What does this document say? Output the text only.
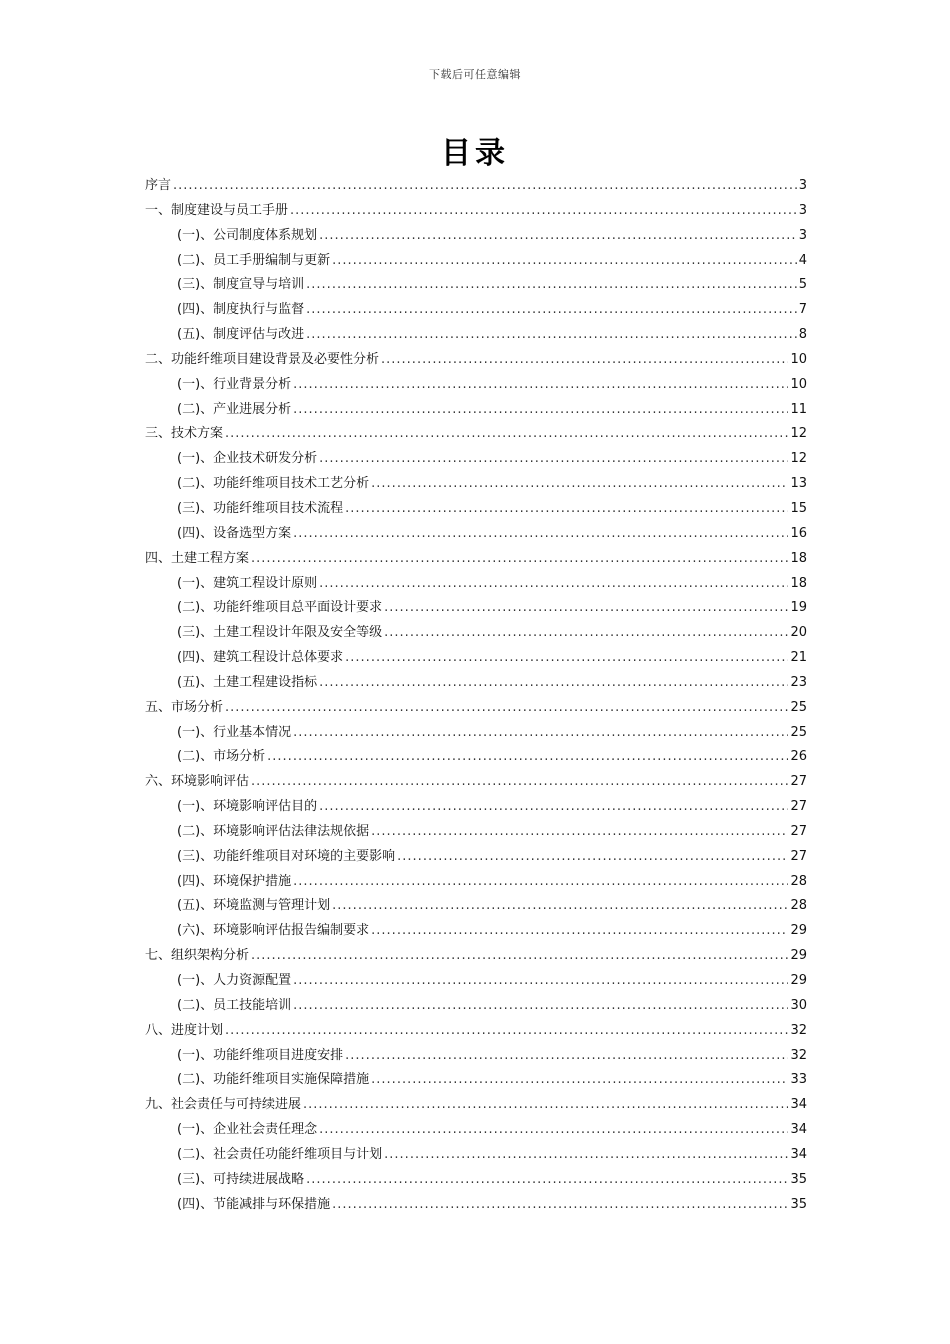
下载后可任意编辑
目录
序言 .....	3
一、制度建设与员工手册 .....	3
(一)、公司制度体系规划 .....	3
(二)、员工手册编制与更新 .....	4
(三)、制度宣导与培训 .....	5
(四)、制度执行与监督 .....	7
(五)、制度评估与改进 .....	8
二、功能纤维项目建设背景及必要性分析 .....	10
(一)、行业背景分析 .....	10
(二)、产业进展分析 .....	11
三、技术方案 .....	12
(一)、企业技术研发分析 .....	12
(二)、功能纤维项目技术工艺分析 .....	13
(三)、功能纤维项目技术流程 .....	15
(四)、设备选型方案 .....	16
四、土建工程方案 .....	18
(一)、建筑工程设计原则 .....	18
(二)、功能纤维项目总平面设计要求 .....	19
(三)、土建工程设计年限及安全等级 .....	20
(四)、建筑工程设计总体要求 .....	21
(五)、土建工程建设指标 .....	23
五、市场分析 .....	25
(一)、行业基本情况 .....	25
(二)、市场分析 .....	26
六、环境影响评估 .....	27
(一)、环境影响评估目的 .....	27
(二)、环境影响评估法律法规依据 .....	27
(三)、功能纤维项目对环境的主要影响 .....	27
(四)、环境保护措施 .....	28
(五)、环境监测与管理计划 .....	28
(六)、环境影响评估报告编制要求 .....	29
七、组织架构分析 .....	29
(一)、人力资源配置 .....	29
(二)、员工技能培训 .....	30
八、进度计划 .....	32
(一)、功能纤维项目进度安排 .....	32
(二)、功能纤维项目实施保障措施 .....	33
九、社会责任与可持续进展 .....	34
(一)、企业社会责任理念 .....	34
(二)、社会责任功能纤维项目与计划 .....	34
(三)、可持续进展战略 .....	35
(四)、节能减排与环保措施 .....	35
